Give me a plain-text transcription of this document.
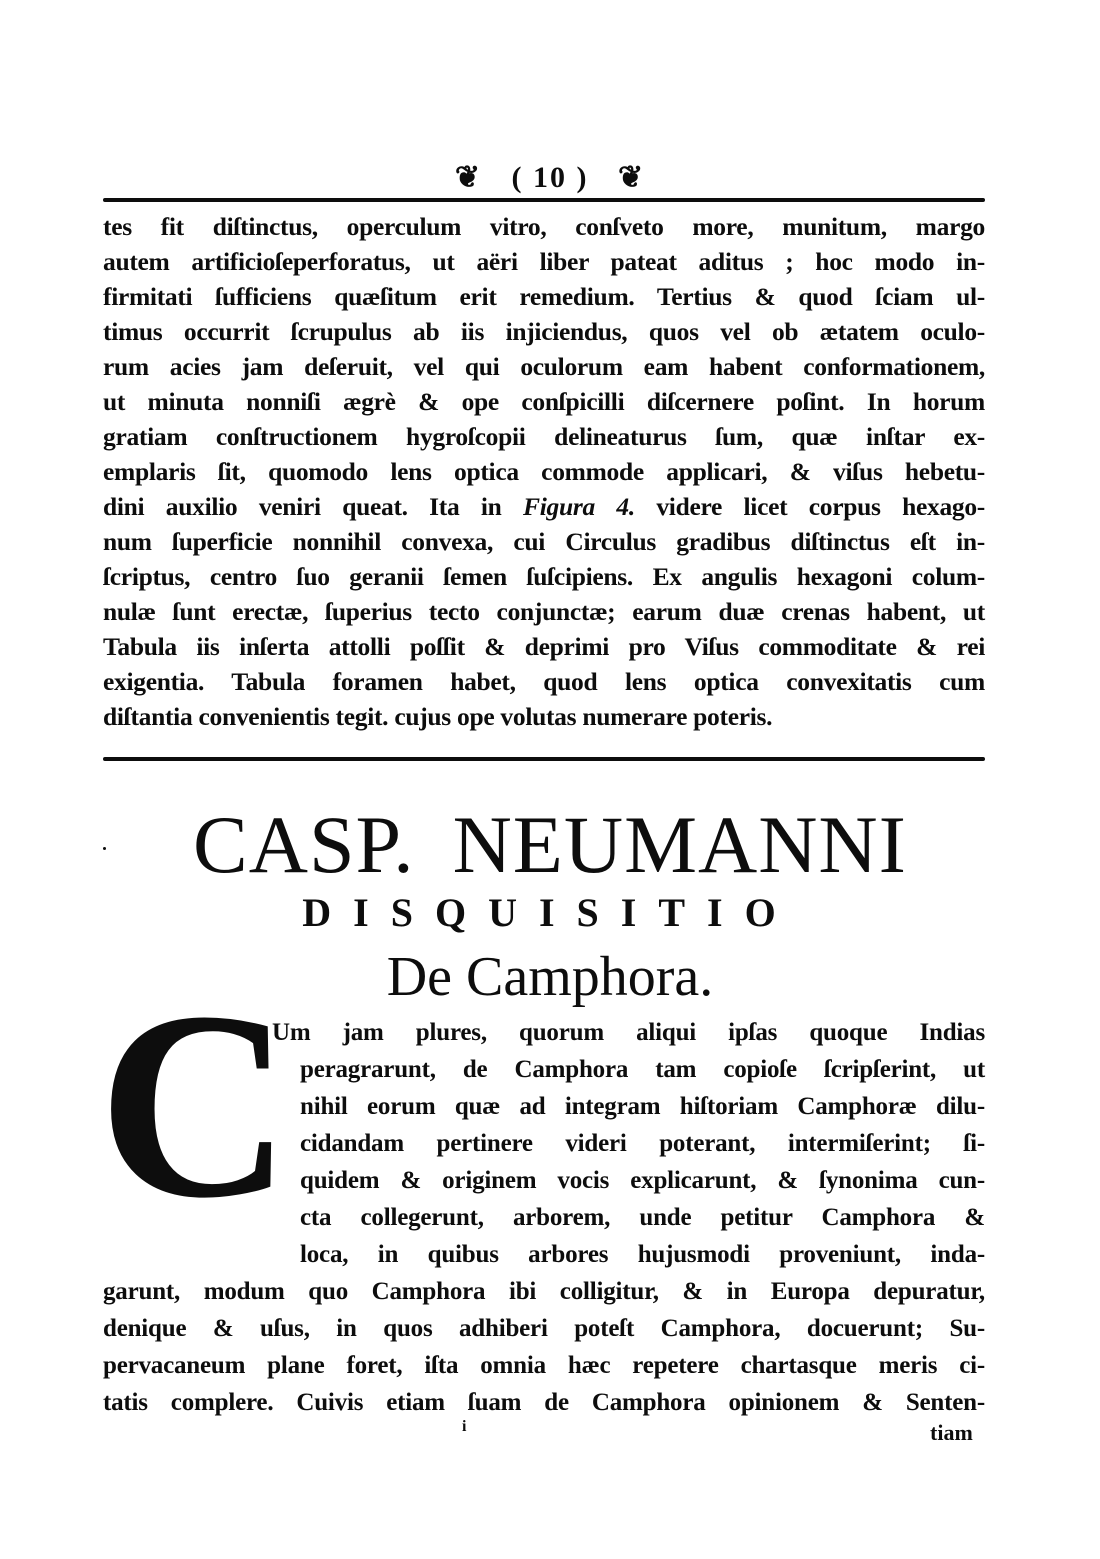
❦ ( 10 ) ❦
tes fit diſtinctus, operculum vitro, conſveto more, munitum, margo
autem artificioſeperforatus, ut aëri liber pateat aditus ; hoc modo in-
firmitati ſufficiens quæſitum erit remedium. Tertius & quod ſciam ul-
timus occurrit ſcrupulus ab iis injiciendus, quos vel ob ætatem oculo-
rum acies jam deſeruit, vel qui oculorum eam habent conformationem,
ut minuta nonniſi ægrè & ope conſpicilli diſcernere poſint. In horum
gratiam conſtructionem hygroſcopii delineaturus ſum, quæ inſtar ex-
emplaris ſit, quomodo lens optica commode applicari, & viſus hebetu-
dini auxilio veniri queat. Ita in Figura 4. videre licet corpus hexago-
num ſuperficie nonnihil convexa, cui Circulus gradibus diſtinctus eſt in-
ſcriptus, centro ſuo geranii ſemen ſuſcipiens. Ex angulis hexagoni colum-
nulæ ſunt erectæ, ſuperius tecto conjunctæ; earum duæ crenas habent, ut
Tabula iis inſerta attolli poſſit & deprimi pro Viſus commoditate & rei
exigentia. Tabula foramen habet, quod lens optica convexitatis cum
diſtantia convenientis tegit. cujus ope volutas numerare poteris.
CASP. NEUMANNI
DISQUISITIO
De Camphora.
C
Um jam plures, quorum aliqui ipſas quoque Indias
peragrarunt, de Camphora tam copioſe ſcripſerint, ut
nihil eorum quæ ad integram hiſtoriam Camphoræ dilu-
cidandam pertinere videri poterant, intermiſerint; ſi-
quidem & originem vocis explicarunt, & ſynonima cun-
cta collegerunt, arborem, unde petitur Camphora &
loca, in quibus arbores hujusmodi proveniunt, inda-
garunt, modum quo Camphora ibi colligitur, & in Europa depuratur,
denique & uſus, in quos adhiberi poteſt Camphora, docuerunt; Su-
pervacaneum plane foret, iſta omnia hæc repetere chartasque meris ci-
tatis complere. Cuivis etiam ſuam de Camphora opinionem & Senten-
i	tiam
